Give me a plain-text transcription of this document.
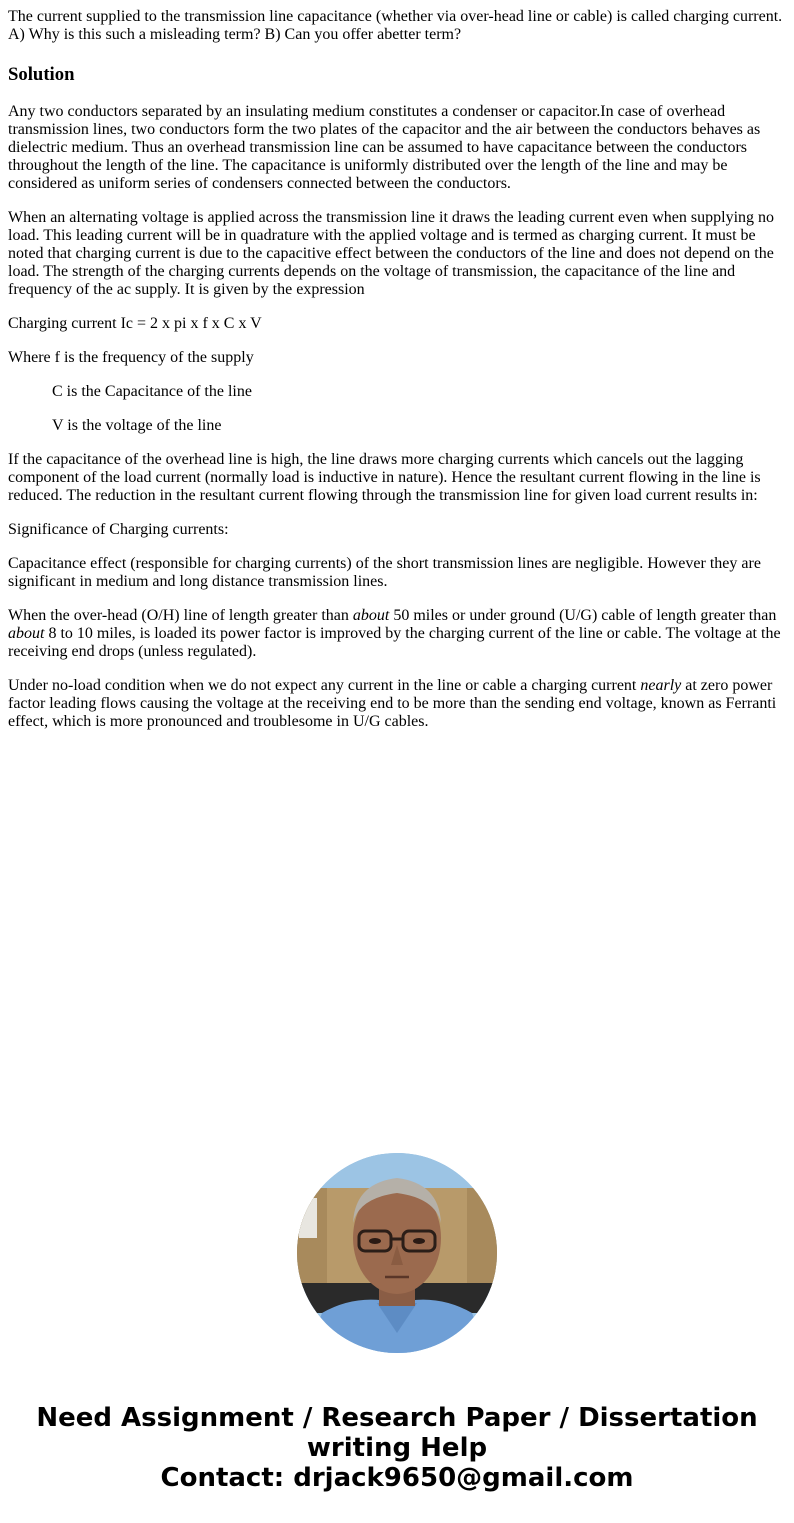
The current supplied to the transmission line capacitance (whether via over-head line or cable) is called charging current. A) Why is this such a misleading term? B) Can you offer abetter term?
Solution

Any two conductors separated by an insulating medium constitutes a condenser or capacitor.In case of overhead transmission lines, two conductors form the two plates of the capacitor and the air between the conductors behaves as dielectric medium. Thus an overhead transmission line can be assumed to have capacitance between the conductors throughout the length of the line. The capacitance is uniformly distributed over the length of the line and may be considered as uniform series of condensers connected between the conductors.

When an alternating voltage is applied across the transmission line it draws the leading current even when supplying no load. This leading current will be in quadrature with the applied voltage and is termed as charging current. It must be noted that charging current is due to the capacitive effect between the conductors of the line and does not depend on the load. The strength of the charging currents depends on the voltage of transmission, the capacitance of the line and frequency of the ac supply. It is given by the expression

Charging current Ic = 2 x pi x f x C x V

Where f is the frequency of the supply

C is the Capacitance of the line

V is the voltage of the line

If the capacitance of the overhead line is high, the line draws more charging currents which cancels out the lagging component of the load current (normally load is inductive in nature). Hence the resultant current flowing in the line is reduced. The reduction in the resultant current flowing through the transmission line for given load current results in:

Significance of Charging currents:

Capacitance effect (responsible for charging currents) of the short transmission lines are negligible. However they are significant in medium and long distance transmission lines.

When the over-head (O/H) line of length greater than about 50 miles or under ground (U/G) cable of length greater than
about 8 to 10 miles, is loaded its power factor is improved by the charging current of the line or cable. The voltage at the receiving end drops (unless regulated).

Under no-load condition when we do not expect any current in the line or cable a charging current nearly at zero power factor leading flows causing the voltage at the receiving end to be more than the sending end voltage, known as Ferranti effect, which is more pronounced and troublesome in U/G cables.

Need Assignment / Research Paper / Dissertation
writing Help
Contact: drjack9650@gmail.com
